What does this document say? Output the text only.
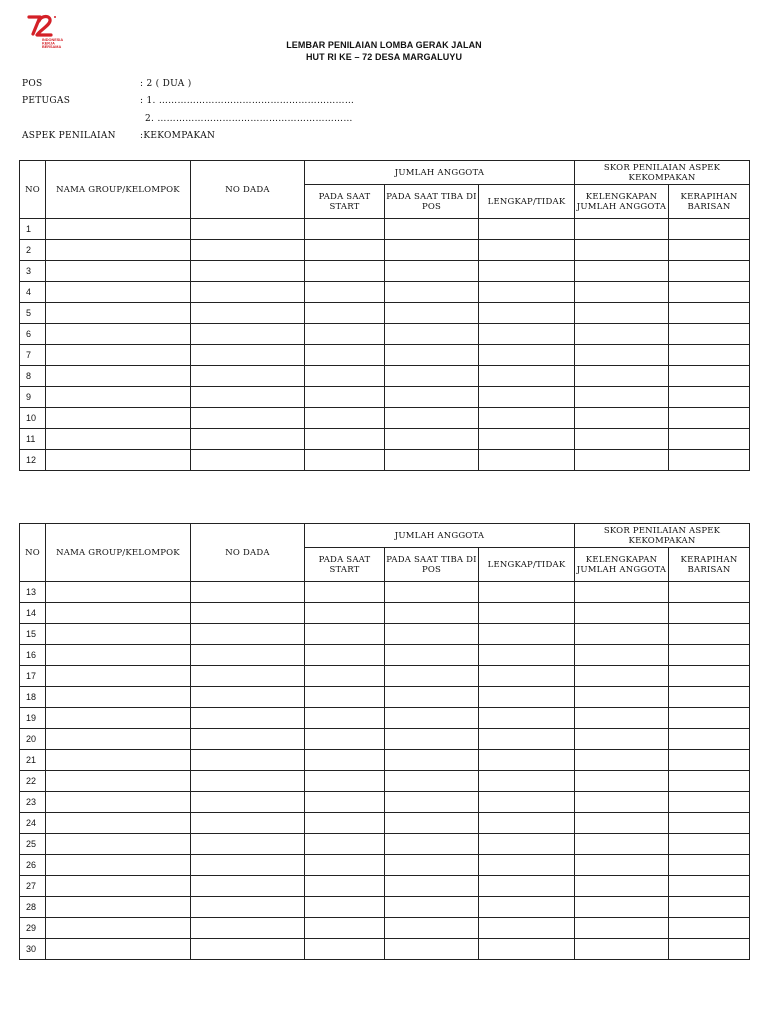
INDONESIA
KERJA
BERSAMA	LEMBAR PENILAIAN LOMBA GERAK JALAN
HUT RI KE – 72 DESA MARGALUYU
POS	: 2 ( DUA )
PETUGAS	: 1. ………………………………………………………
2. ………………………………………………………
ASPEK PENILAIAN	:KEKOMPAKAN
NO	NAMA GROUP/KELOMPOK	NO DADA	JUMLAH ANGGOTA			SKOR PENILAIAN ASPEK KEKOMPAKAN	
			PADA SAAT START	PADA SAAT TIBA DI POS	LENGKAP/TIDAK	KELENGKAPAN JUMLAH ANGGOTA	KERAPIHAN BARISAN
1							
2							
3							
4							
5							
6							
7							
8							
9							
10							
11							
12							
NO	NAMA GROUP/KELOMPOK	NO DADA	JUMLAH ANGGOTA			SKOR PENILAIAN ASPEK KEKOMPAKAN	
			PADA SAAT START	PADA SAAT TIBA DI POS	LENGKAP/TIDAK	KELENGKAPAN JUMLAH ANGGOTA	KERAPIHAN BARISAN
13							
14							
15							
16							
17							
18							
19							
20							
21							
22							
23							
24							
25							
26							
27							
28							
29							
30							
